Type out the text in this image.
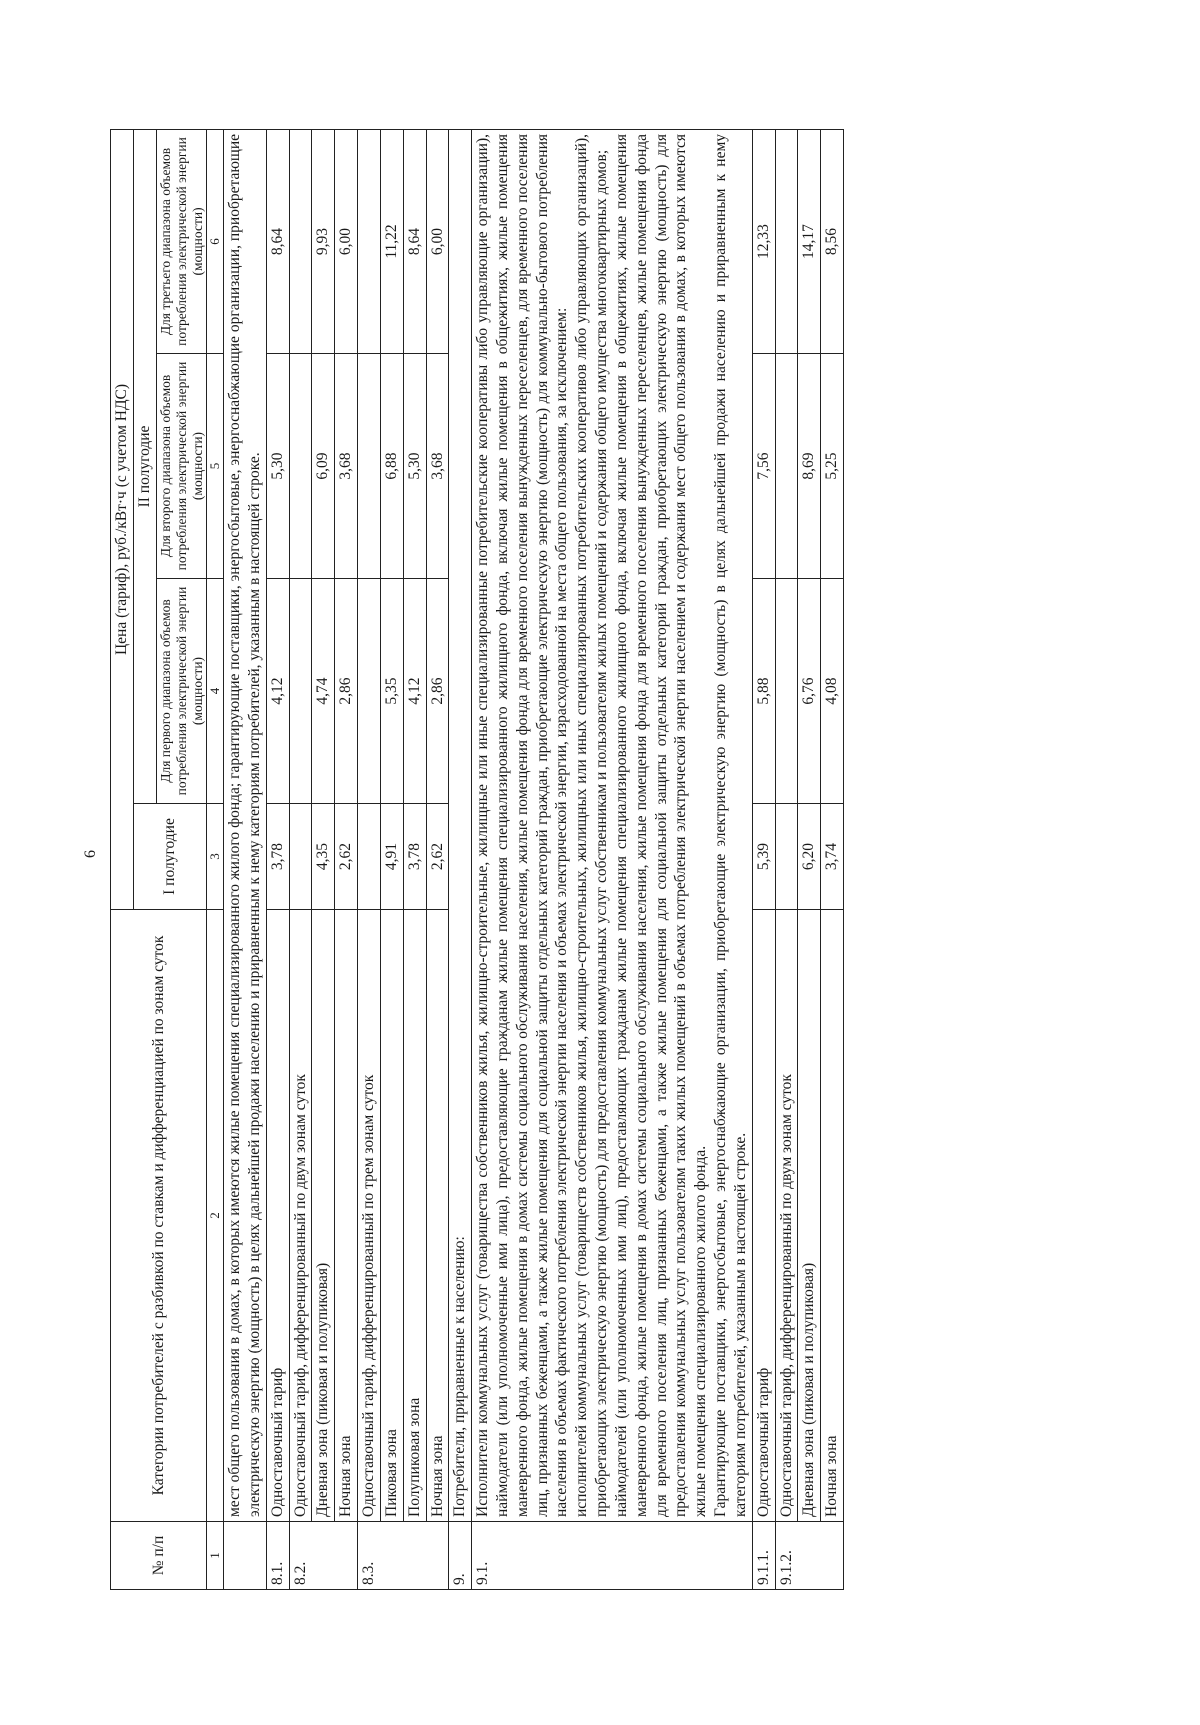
6
№ п/п	Категории потребителей с разбивкой по ставкам и дифференциацией по зонам суток	Цена (тариф), руб./кВт·ч (с учетом НДС)			
		I полугодие	II полугодие		
			Для первого диапазона объемов потребления электрической энергии (мощности)	Для второго диапазона объемов потребления электрической энергии (мощности)	Для третьего диапазона объемов потребления электрической энергии (мощности)
1	2	3	4	5	6
	мест общего пользования в домах, в которых имеются жилые помещения специализированного жилого фонда; гарантирующие поставщики, энергосбытовые, энергоснабжающие организации, приобретающие электрическую энергию (мощность) в целях дальнейшей продажи населению и приравненным к нему категориям потребителей, указанным в настоящей строке.				
8.1.	Одноставочный тариф	3,78	4,12	5,30	8,64
8.2.	Одноставочный тариф, дифференцированный по двум зонам суток				
	Дневная зона (пиковая и полупиковая)	4,35	4,74	6,09	9,93
	Ночная зона	2,62	2,86	3,68	6,00
8.3.	Одноставочный тариф, дифференцированный по трем зонам суток				
	Пиковая зона	4,91	5,35	6,88	11,22
	Полупиковая зона	3,78	4,12	5,30	8,64
	Ночная зона	2,62	2,86	3,68	6,00
9.	Потребители, приравненные к населению:				
9.1.	Исполнители коммунальных услуг (товарищества собственников жилья, жилищно-строительные, жилищные или иные специализированные потребительские кооперативы либо управляющие организации), наймодатели (или уполномоченные ими лица), предоставляющие гражданам жилые помещения специализированного жилищного фонда, включая жилые помещения в общежитиях, жилые помещения маневренного фонда, жилые помещения в домах системы социального обслуживания населения, жилые помещения фонда для временного поселения вынужденных переселенцев, для временного поселения лиц, признанных беженцами, а также жилые помещения для социальной защиты отдельных категорий граждан, приобретающие электрическую энергию (мощность) для коммунально-бытового потребления населения в объемах фактического потребления электрической энергии населения и объемах электрической энергии, израсходованной на места общего пользования, за исключением: исполнителей коммунальных услуг (товариществ собственников жилья, жилищно-строительных, жилищных или иных специализированных потребительских кооперативов либо управляющих организаций), приобретающих электрическую энергию (мощность) для предоставления коммунальных услуг собственникам и пользователям жилых помещений и содержания общего имущества многоквартирных домов; наймодателей (или уполномоченных ими лиц), предоставляющих гражданам жилые помещения специализированного жилищного фонда, включая жилые помещения в общежитиях, жилые помещения маневренного фонда, жилые помещения в домах системы социального обслуживания населения, жилые помещения фонда для временного поселения вынужденных переселенцев, жилые помещения фонда для временного поселения лиц, признанных беженцами, а также жилые помещения для социальной защиты отдельных категорий граждан, приобретающих электрическую энергию (мощность) для предоставления коммунальных услуг пользователям таких жилых помещений в объемах потребления электрической энергии населением и содержания мест общего пользования в домах, в которых имеются жилые помещения специализированного жилого фонда. Гарантирующие поставщики, энергосбытовые, энергоснабжающие организации, приобретающие электрическую энергию (мощность) в целях дальнейшей продажи населению и приравненным к нему категориям потребителей, указанным в настоящей строке.				

9.1.1.	Одноставочный тариф	5,39	5,88	7,56	12,33
9.1.2.	Одноставочный тариф, дифференцированный по двум зонам суток				
	Дневная зона (пиковая и полупиковая)	6,20	6,76	8,69	14,17
	Ночная зона	3,74	4,08	5,25	8,56
